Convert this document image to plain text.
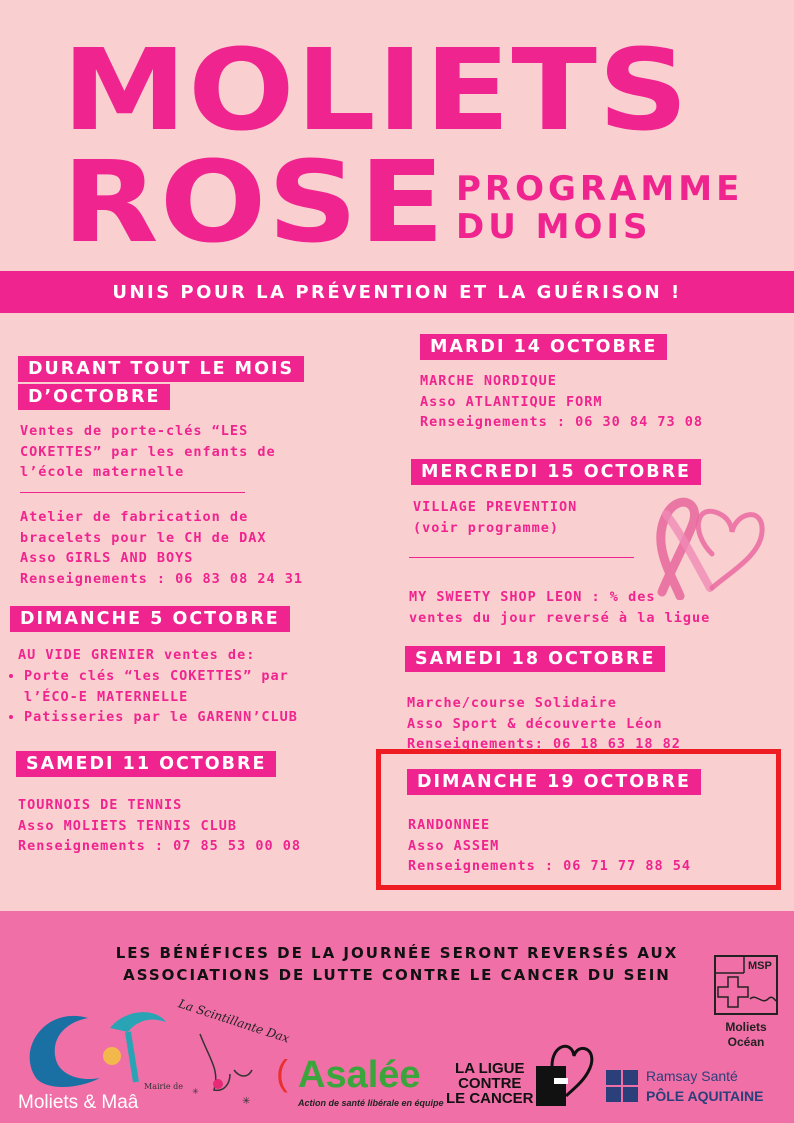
MOLIETS
ROSE PROGRAMME
DU MOIS
UNIS POUR LA PRÉVENTION ET LA GUÉRISON !
DURANT TOUT LE MOIS
D’OCTOBRE
Ventes de porte-clés “LES
COKETTES” par les enfants de
l’école maternelle
Atelier de fabrication de
bracelets pour le CH de DAX
Asso GIRLS AND BOYS
Renseignements : 06 83 08 24 31
DIMANCHE 5 OCTOBRE
AU VIDE GRENIER ventes de:
• Porte clés “les COKETTES” par
l’ÉCO-E MATERNELLE
• Patisseries par le GARENN’CLUB
SAMEDI 11 OCTOBRE
TOURNOIS DE TENNIS
Asso MOLIETS TENNIS CLUB
Renseignements : 07 85 53 00 08
MARDI 14 OCTOBRE
MARCHE NORDIQUE
Asso ATLANTIQUE FORM
Renseignements : 06 30 84 73 08
MERCREDI 15 OCTOBRE
VILLAGE PREVENTION
(voir programme)
MY SWEETY SHOP LEON : % des
ventes du jour reversé à la ligue
SAMEDI 18 OCTOBRE
Marche/course Solidaire
Asso Sport & découverte Léon
Renseignements: 06 18 63 18 82
DIMANCHE 19 OCTOBRE
RANDONNEE
Asso ASSEM
Renseignements : 06 71 77 88 54
LES BÉNÉFICES DE LA JOURNÉE SERONT REVERSÉS AUX
ASSOCIATIONS DE LUTTE CONTRE LE CANCER DU SEIN
Mairie de
Moliets & Maâ
La Scintillante Dax
✳
✳ ( Asalée
Action de santé libérale en équipe
LA LIGUE
CONTRE
LE CANCER
Ramsay Santé
PÔLE AQUITAINE
MSP
Moliets
Océan
